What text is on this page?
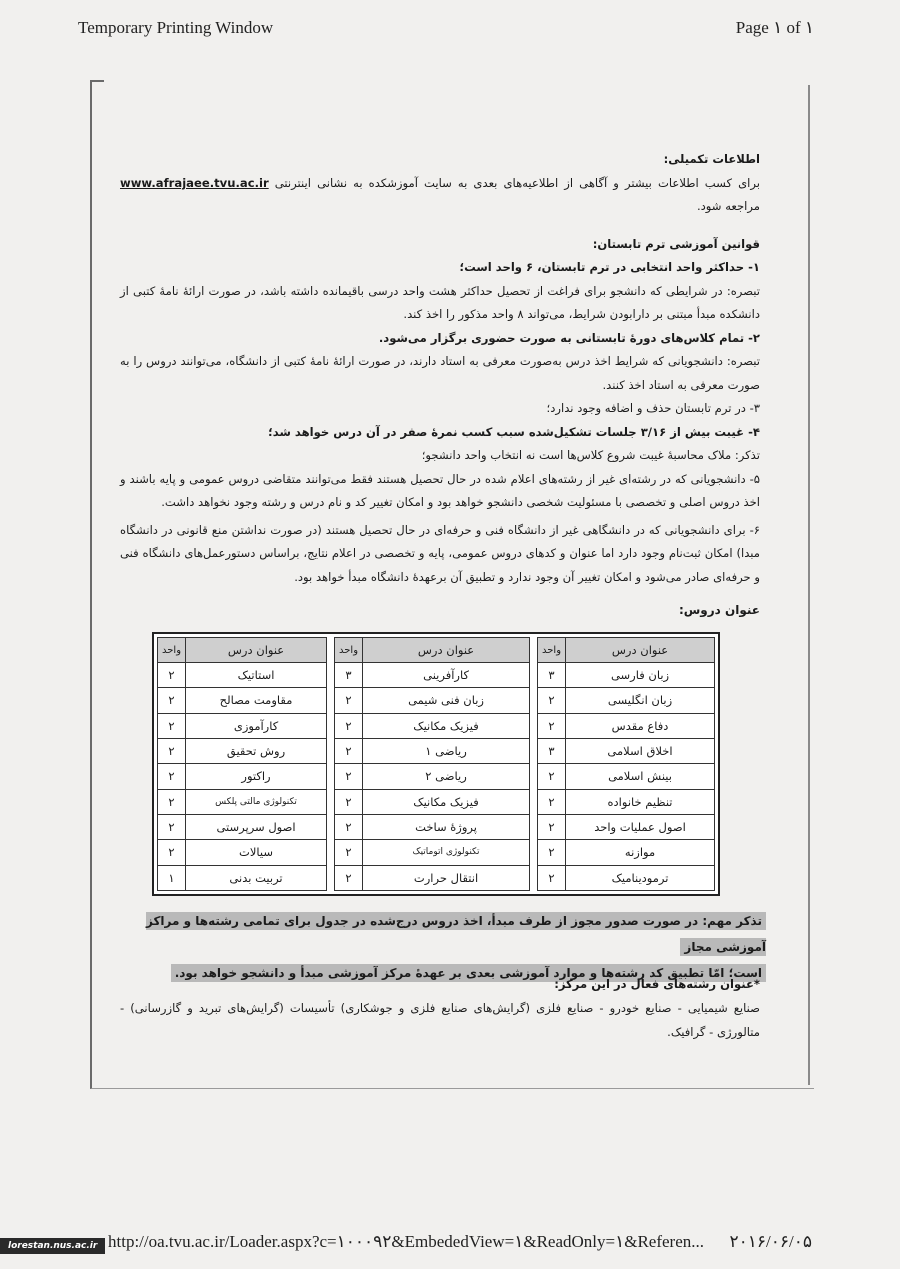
Temporary Printing Window	Page ۱ of ۱

اطلاعات تکمیلی:

برای کسب اطلاعات بیشتر و آگاهی از اطلاعیه‌های بعدی به سایت آموزشکده به نشانی اینترنتی www.afrajaee.tvu.ac.ir مراجعه شود.

قوانین آموزشی ترم تابستان:

۱- حداکثر واحد انتخابی در ترم تابستان، ۶ واحد است؛

تبصره: در شرایطی که دانشجو برای فراغت از تحصیل حداکثر هشت واحد درسی باقیمانده داشته باشد، در صورت ارائهٔ نامهٔ کتبی از دانشکده مبدأ مبتنی بر دارابودن شرایط، می‌تواند ۸ واحد مذکور را اخذ کند.

۲- تمام کلاس‌های دورهٔ تابستانی به صورت حضوری برگزار می‌شود.

تبصره: دانشجویانی که شرایط اخذ درس به‌صورت معرفی به استاد دارند، در صورت ارائهٔ نامهٔ کتبی از دانشگاه، می‌توانند دروس را به صورت معرفی به استاد اخذ کنند.

۳- در ترم تابستان حذف و اضافه وجود ندارد؛

۴- غیبت بیش از ۳/۱۶ جلسات تشکیل‌شده سبب کسب نمرهٔ صفر در آن درس خواهد شد؛

تذکر: ملاک محاسبهٔ غیبت شروع کلاس‌ها است نه انتخاب واحد دانشجو؛

۵- دانشجویانی که در رشته‌ای غیر از رشته‌های اعلام شده در حال تحصیل هستند فقط می‌توانند متقاضی دروس عمومی و پایه باشند و اخذ دروس اصلی و تخصصی با مسئولیت شخصی دانشجو خواهد بود و امکان تغییر کد و نام درس و رشته وجود نخواهد داشت.

۶- برای دانشجویانی که در دانشگاهی غیر از دانشگاه فنی و حرفه‌ای در حال تحصیل هستند (در صورت نداشتن منع قانونی در دانشگاه مبدا) امکان ثبت‌نام وجود دارد اما عنوان و کدهای دروس عمومی، پایه و تخصصی در اعلام نتایج، براساس دستورعمل‌های دانشگاه فنی و حرفه‌ای صادر می‌شود و امکان تغییر آن وجود ندارد و تطبیق آن برعهدهٔ دانشگاه مبدأ خواهد بود.

عنوان دروس:

عنوان درس	واحد
زبان فارسی	۳
زبان انگلیسی	۲
دفاع مقدس	۲
اخلاق اسلامی	۳
بینش اسلامی	۲
تنظیم خانواده	۲
اصول عملیات واحد	۲
موازنه	۲
ترمودینامیک	۲
عنوان درس	واحد
کارآفرینی	۳
زبان فنی شیمی	۲
فیزیک مکانیک	۲
ریاضی ۱	۲
ریاضی ۲	۲
فیزیک مکانیک	۲
پروژهٔ ساخت	۲
تکنولوژی اتوماتیک	۲
انتقال حرارت	۲
عنوان درس	واحد
استاتیک	۲
مقاومت مصالح	۲
کارآموزی	۲
روش تحقیق	۲
راکتور	۲
تکنولوژی مالتی پلکس	۲
اصول سرپرستی	۲
سیالات	۲
تربیت بدنی	۱
تذکر مهم: در صورت صدور مجوز از طرف مبدأ، اخذ دروس درج‌شده در جدول برای تمامی رشته‌ها و مراکز آموزشی مجاز
است؛ امّا تطبیق کد رشته‌ها و موارد آموزشی بعدی بر عهدهٔ مرکز آموزشی مبدأ و دانشجو خواهد بود.

*عنوان رشته‌های فعال در این مرکز:

صنایع شیمیایی - صنایع خودرو - صنایع فلزی (گرایش‌های صنایع فلزی و جوشکاری) تأسیسات (گرایش‌های تبرید و گازرسانی) - متالورژی - گرافیک.

http://oa.tvu.ac.ir/Loader.aspx?c=۱۰۰۰۹۲&EmbededView=۱&ReadOnly=۱&Referen... ۲۰۱۶/۰۶/۰۵
lorestan.nus.ac.ir
